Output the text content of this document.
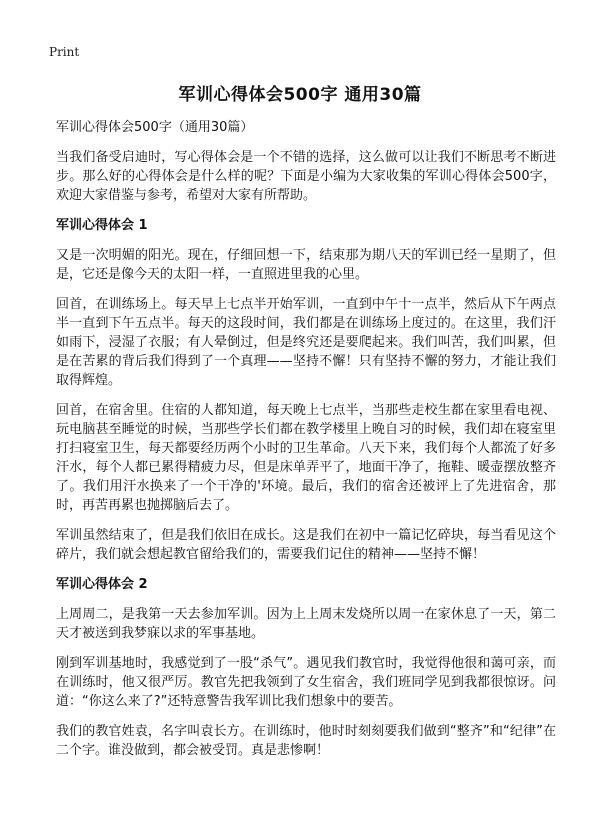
Print
军训心得体会500字 通用30篇

军训心得体会500字（通用30篇）

当我们备受启迪时，写心得体会是一个不错的选择，这么做可以让我们不断思考不断进步。那么好的心得体会是什么样的呢？下面是小编为大家收集的军训心得体会500字，欢迎大家借鉴与参考，希望对大家有所帮助。

军训心得体会 1

又是一次明媚的阳光。现在，仔细回想一下，结束那为期八天的军训已经一星期了，但是，它还是像今天的太阳一样，一直照进里我的心里。

回首，在训练场上。每天早上七点半开始军训，一直到中午十一点半，然后从下午两点半一直到下午五点半。每天的这段时间，我们都是在训练场上度过的。在这里，我们汗如雨下，浸湿了衣服；有人晕倒过，但是终究还是要爬起来。我们叫苦，我们叫累，但是在苦累的背后我们得到了一个真理——坚持不懈！只有坚持不懈的努力，才能让我们取得辉煌。

回首，在宿舍里。住宿的人都知道，每天晚上七点半，当那些走校生都在家里看电视、玩电脑甚至睡觉的时候，当那些学长们都在教学楼里上晚自习的时候，我们却在寝室里打扫寝室卫生，每天都要经历两个小时的卫生革命。八天下来，我们每个人都流了好多汗水，每个人都已累得精疲力尽，但是床单弄平了，地面干净了，拖鞋、暖壶摆放整齐了。我们用汗水换来了一个干净的'环境。最后，我们的宿舍还被评上了先进宿舍，那时，再苦再累也抛掷脑后去了。

军训虽然结束了，但是我们依旧在成长。这是我们在初中一篇记忆碎块，每当看见这个碎片，我们就会想起教官留给我们的，需要我们记住的精神——坚持不懈！

军训心得体会 2

上周周二，是我第一天去参加军训。因为上上周末发烧所以周一在家休息了一天，第二天才被送到我梦寐以求的军事基地。

刚到军训基地时，我感觉到了一股“杀气”。遇见我们教官时，我觉得他很和蔼可亲，而在训练时，他又很严厉。教官先把我领到了女生宿舍，我们班同学见到我都很惊讶。问道：“你这么来了?”还特意警告我军训比我们想象中的要苦。

我们的教官姓袁，名字叫袁长方。在训练时，他时时刻刻要我们做到“整齐”和“纪律”在二个字。谁没做到，都会被受罚。真是悲惨啊！
